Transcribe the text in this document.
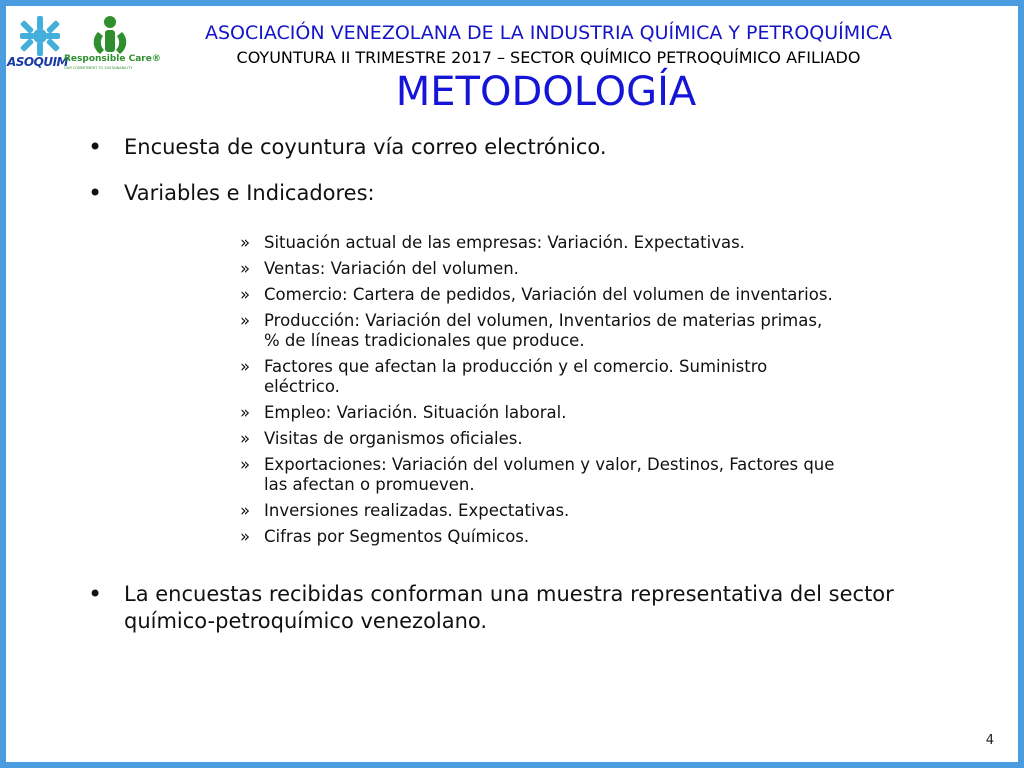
ASOQUIM
Responsible Care®
OUR COMMITMENT TO SUSTAINABILITY
ASOCIACIÓN VENEZOLANA DE LA INDUSTRIA QUÍMICA Y PETROQUÍMICA
COYUNTURA II TRIMESTRE 2017 – SECTOR QUÍMICO PETROQUÍMICO AFILIADO
METODOLOGÍA
• Encuesta de coyuntura vía correo electrónico.
• Variables e Indicadores:
» Situación actual de las empresas: Variación. Expectativas.
» Ventas: Variación del volumen.
» Comercio: Cartera de pedidos, Variación del volumen de inventarios.
» Producción: Variación del volumen, Inventarios de materias primas,
% de líneas tradicionales que produce.
» Factores que afectan la producción y el comercio. Suministro
eléctrico.
» Empleo: Variación. Situación laboral.
» Visitas de organismos oficiales.
» Exportaciones: Variación del volumen y valor, Destinos, Factores que
las afectan o promueven.
» Inversiones realizadas. Expectativas.
» Cifras por Segmentos Químicos.
• La encuestas recibidas conforman una muestra representativa del sector químico-petroquímico venezolano.
4
